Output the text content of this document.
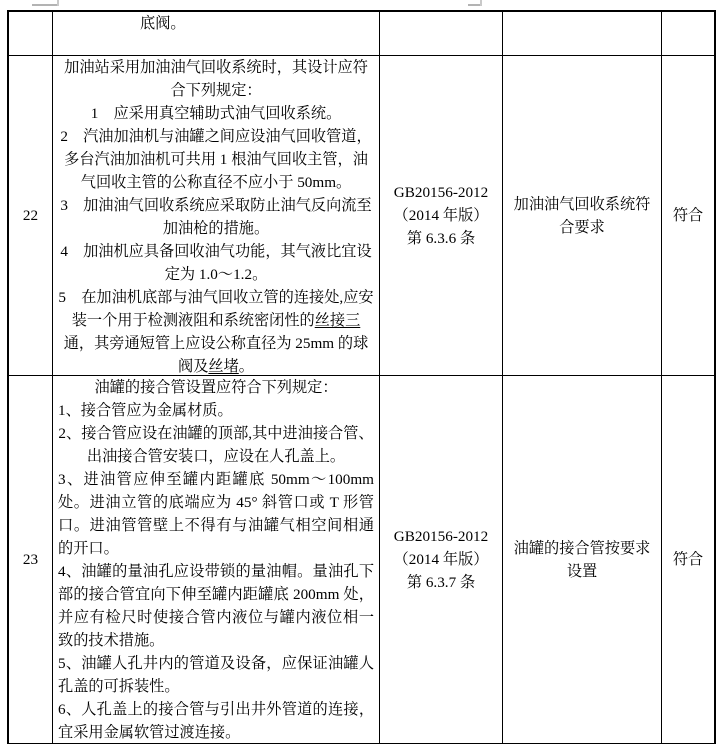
底阀。

22

加油站采用加油油气回收系统时，其设计应符合下列规定：

1　应采用真空辅助式油气回收系统。

2　汽油加油机与油罐之间应设油气回收管道，多台汽油加油机可共用 1 根油气回收主管，油气回收主管的公称直径不应小于 50mm。

3　加油油气回收系统应采取防止油气反向流至加油枪的措施。

4　加油机应具备回收油气功能，其气液比宜设定为 1.0～1.2。

5　在加油机底部与油气回收立管的连接处,应安装一个用于检测液阻和系统密闭性的丝接三通，其旁通短管上应设公称直径为 25mm 的球阀及丝堵。

GB20156-2012
（2014 年版）
第 6.3.6 条
加油油气回收系统符合要求
符合
23

油罐的接合管设置应符合下列规定：

1、接合管应为金属材质。

2、接合管应设在油罐的顶部,其中进油接合管、出油接合管安装口，应设在人孔盖上。

3、进油管应伸至罐内距罐底 50mm～100mm处。进油立管的底端应为 45° 斜管口或 T 形管口。进油管管壁上不得有与油罐气相空间相通的开口。

4、油罐的量油孔应设带锁的量油帽。量油孔下部的接合管宜向下伸至罐内距罐底 200mm 处，并应有检尺时使接合管内液位与罐内液位相一致的技术措施。

5、油罐人孔井内的管道及设备，应保证油罐人孔盖的可拆装性。

6、人孔盖上的接合管与引出井外管道的连接，宜采用金属软管过渡连接。

GB20156-2012
（2014 年版）
第 6.3.7 条
油罐的接合管按要求设置
符合
